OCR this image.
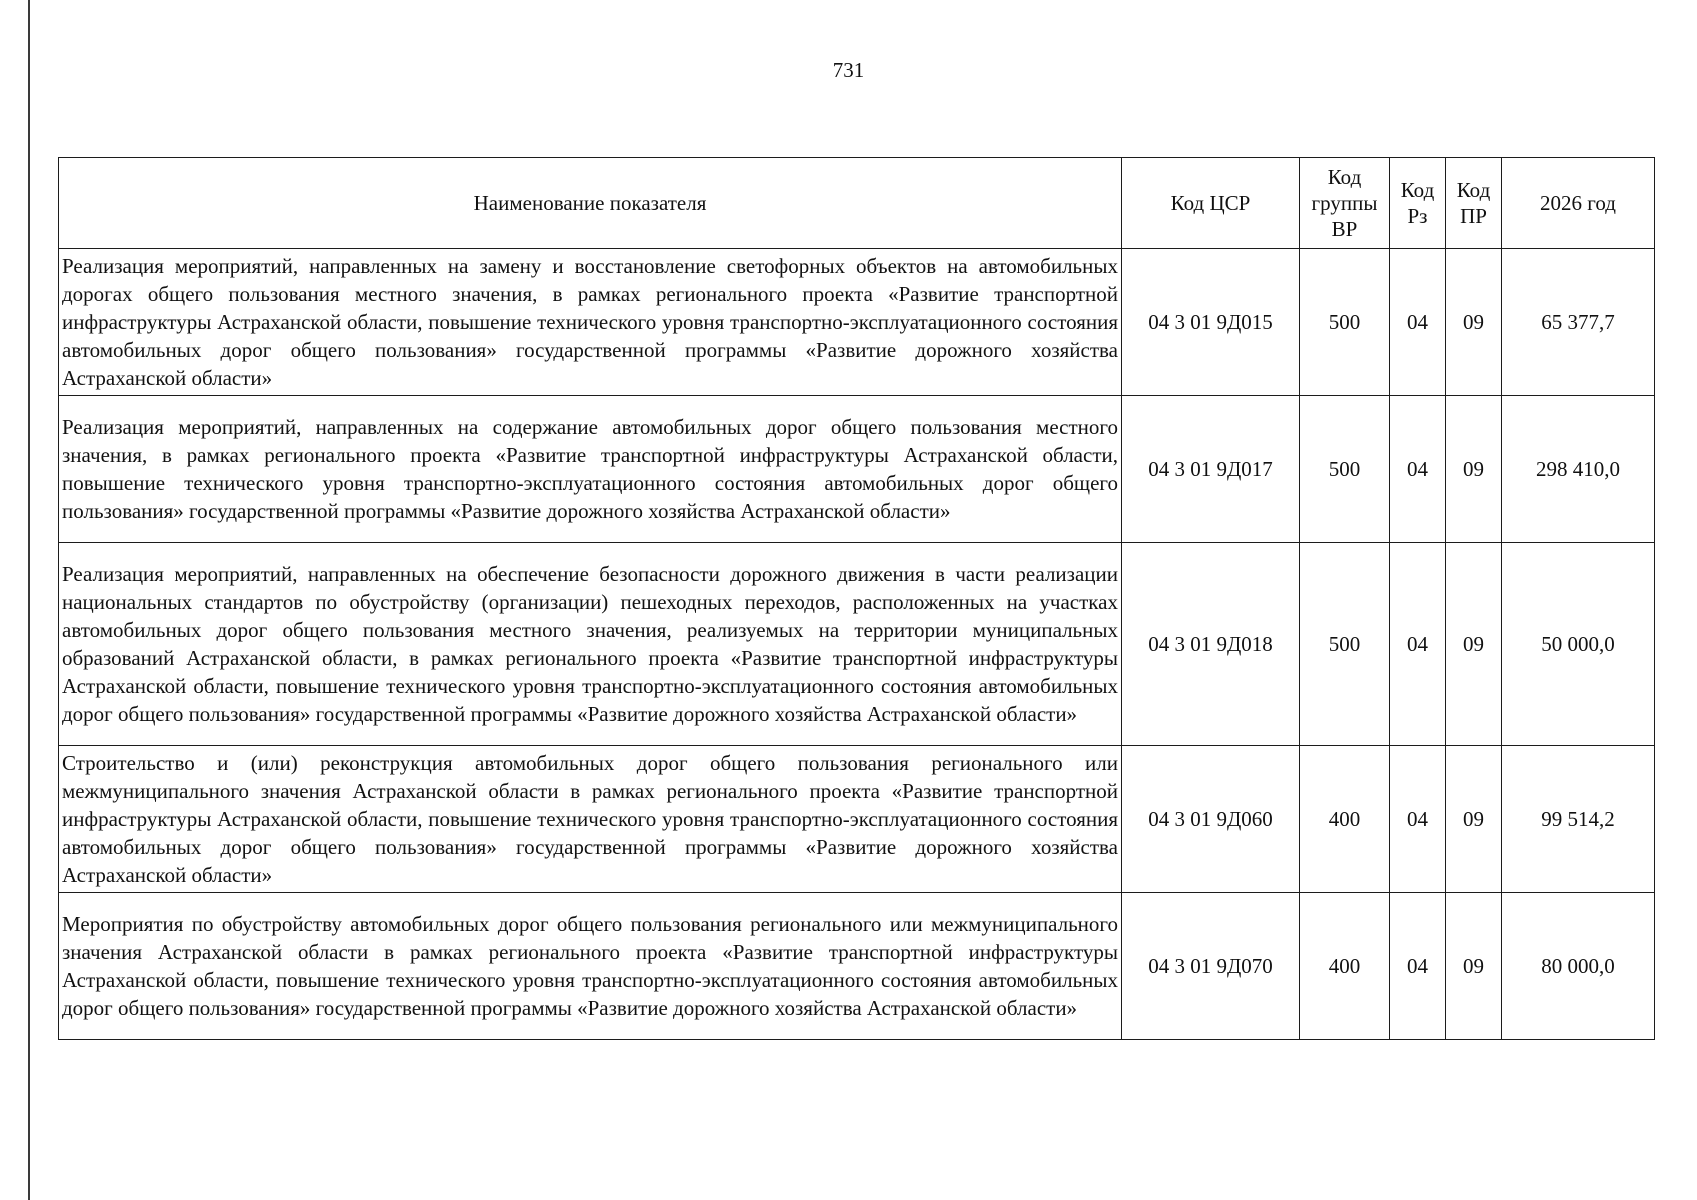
731
Наименование показателя	Код ЦСР	Код группы ВР	Код Рз	Код ПР	2026 год
Реализация мероприятий, направленных на замену и восстановление светофорных объектов на автомобильных дорогах общего пользования местного значения, в рамках регионального проекта «Развитие транспортной инфраструктуры Астраханской области, повышение технического уровня транспортно-эксплуатационного состояния автомобильных дорог общего пользования» государственной программы «Развитие дорожного хозяйства Астраханской области»	04 3 01 9Д015	500	04	09	65 377,7
Реализация мероприятий, направленных на содержание автомобильных дорог общего пользования местного значения, в рамках регионального проекта «Развитие транспортной инфраструктуры Астраханской области, повышение технического уровня транспортно-эксплуатационного состояния автомобильных дорог общего пользования» государственной программы «Развитие дорожного хозяйства Астраханской области»	04 3 01 9Д017	500	04	09	298 410,0
Реализация мероприятий, направленных на обеспечение безопасности дорожного движения в части реализации национальных стандартов по обустройству (организации) пешеходных переходов, расположенных на участках автомобильных дорог общего пользования местного значения, реализуемых на территории муниципальных образований Астраханской области, в рамках регионального проекта «Развитие транспортной инфраструктуры Астраханской области, повышение технического уровня транспортно-эксплуатационного состояния автомобильных дорог общего пользования» государственной программы «Развитие дорожного хозяйства Астраханской области»	04 3 01 9Д018	500	04	09	50 000,0
Строительство и (или) реконструкция автомобильных дорог общего пользования регионального или межмуниципального значения Астраханской области в рамках регионального проекта «Развитие транспортной инфраструктуры Астраханской области, повышение технического уровня транспортно-эксплуатационного состояния автомобильных дорог общего пользования» государственной программы «Развитие дорожного хозяйства Астраханской области»	04 3 01 9Д060	400	04	09	99 514,2
Мероприятия по обустройству автомобильных дорог общего пользования регионального или межмуниципального значения Астраханской области в рамках регионального проекта «Развитие транспортной инфраструктуры Астраханской области, повышение технического уровня транспортно-эксплуатационного состояния автомобильных дорог общего пользования» государственной программы «Развитие дорожного хозяйства Астраханской области»	04 3 01 9Д070	400	04	09	80 000,0
